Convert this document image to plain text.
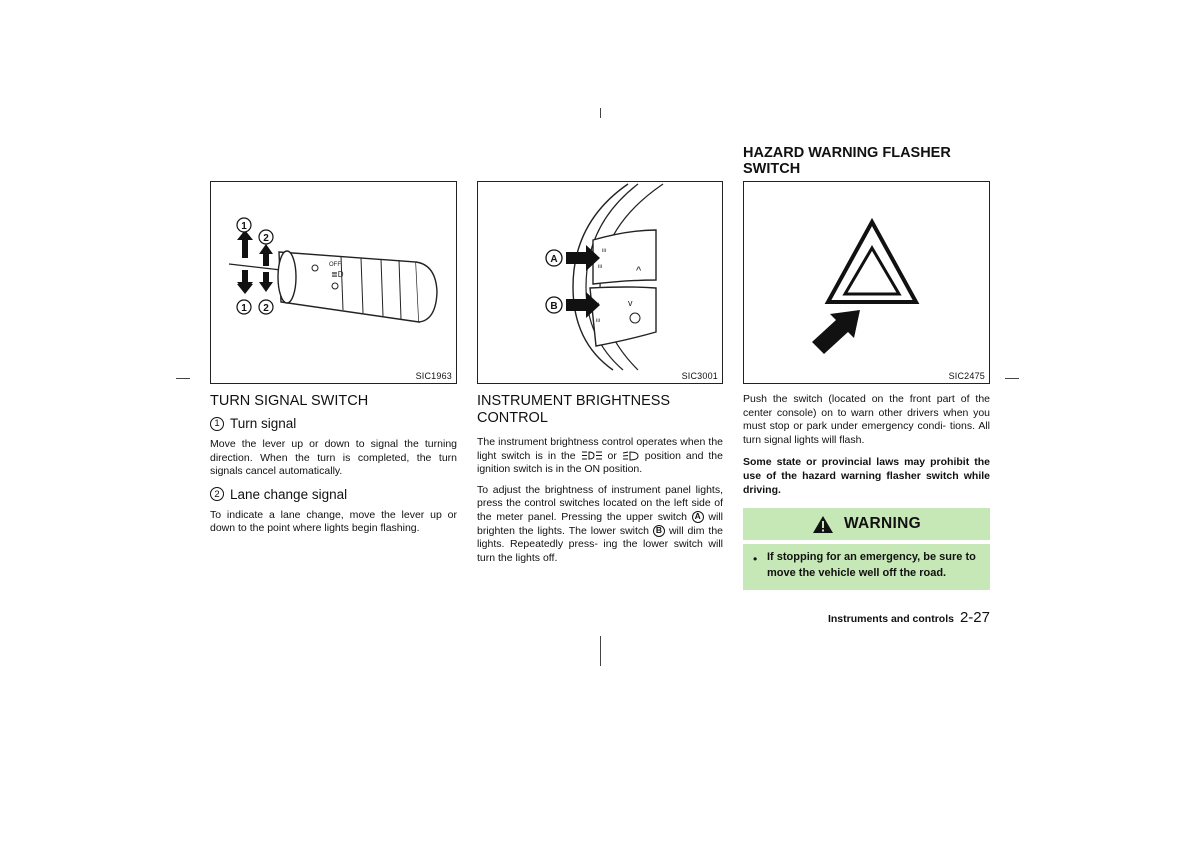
OFF
≣D
1
2
1 2
SIC1963
TURN SIGNAL SWITCH
1 Turn signal

Move the lever up or down to signal the turning direction. When the turn is completed, the turn signals cancel automatically.

2 Lane change signal

To indicate a lane change, move the lever up or down to the point where lights begin flashing.

^
ιιι
ιιι
v
ιιι
A
B
SIC3001
INSTRUMENT BRIGHTNESS
CONTROL

The instrument brightness control operates when the light switch is in the	or	position and the ignition switch is in the ON position.

To adjust the brightness of instrument panel lights, press the control switches located on the left side of the meter panel. Pressing the upper switch A will brighten the lights. The lower switch B will dim the lights. Repeatedly press- ing the lower switch will turn the lights off.

HAZARD WARNING FLASHER
SWITCH
SIC2475

Push the switch (located on the front part of the center console) on to warn other drivers when you must stop or park under emergency condi- tions. All turn signal lights will flash.

Some state or provincial laws may prohibit the use of the hazard warning flasher switch while driving.

WARNING
• If stopping for an emergency, be sure to move the vehicle well off the road.
Instruments and controls 2-27
